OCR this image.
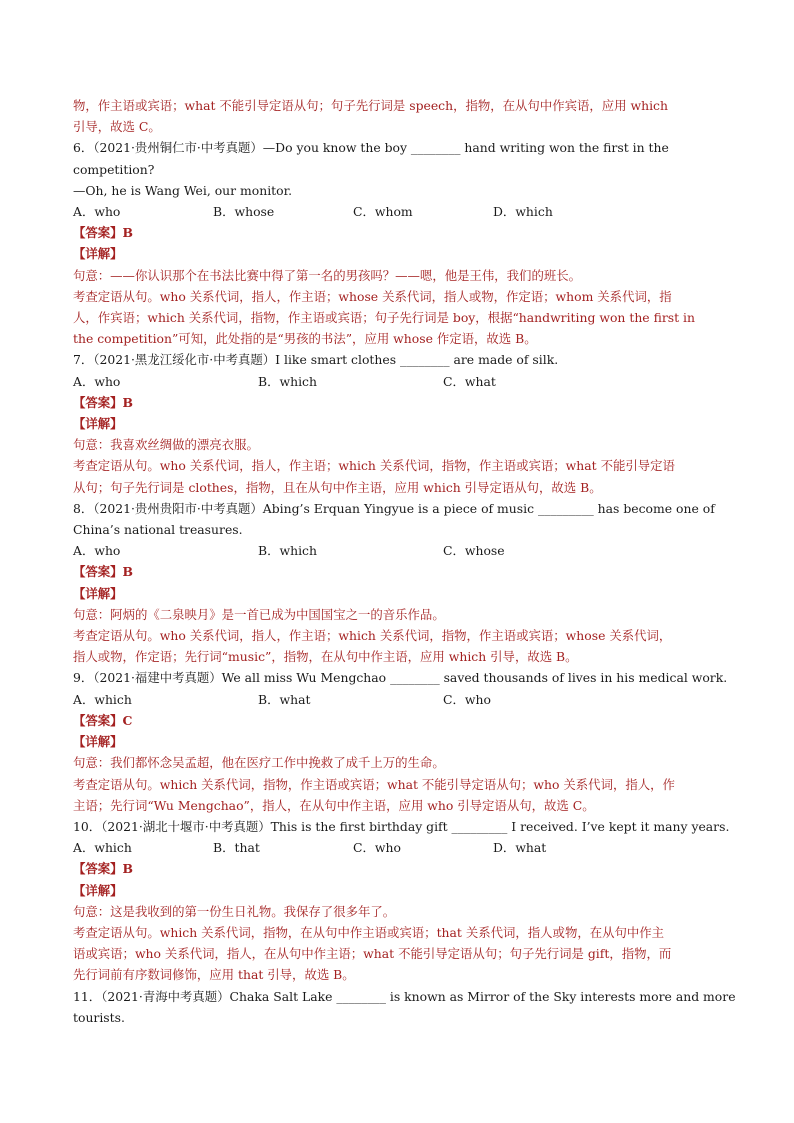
物，作主语或宾语；what 不能引导定语从句；句子先行词是 speech，指物，在从句中作宾语，应用 which
引导，故选 C。
6．（2021·贵州铜仁市·中考真题）—Do you know the boy ________ hand writing won the first in the
competition?
—Oh, he is Wang Wei, our monitor.
A．who	B．whose	C．whom	D．which
【答案】B
【详解】
句意：——你认识那个在书法比赛中得了第一名的男孩吗？——嗯，他是王伟，我们的班长。
考查定语从句。who 关系代词，指人，作主语；whose 关系代词，指人或物，作定语；whom 关系代词，指
人，作宾语；which 关系代词，指物，作主语或宾语；句子先行词是 boy，根据“handwriting won the first in
the competition”可知，此处指的是“男孩的书法”，应用 whose 作定语，故选 B。
7．（2021·黑龙江绥化市·中考真题）I like smart clothes ________ are made of silk.
A．who	B．which	C．what
【答案】B
【详解】
句意：我喜欢丝绸做的漂亮衣服。
考查定语从句。who 关系代词，指人，作主语；which 关系代词，指物，作主语或宾语；what 不能引导定语
从句；句子先行词是 clothes，指物，且在从句中作主语，应用 which 引导定语从句，故选 B。
8．（2021·贵州贵阳市·中考真题）Abing’s Erquan Yingyue is a piece of music _________ has become one of
China’s national treasures.
A．who	B．which	C．whose
【答案】B
【详解】
句意：阿炳的《二泉映月》是一首已成为中国国宝之一的音乐作品。
考查定语从句。who 关系代词，指人，作主语；which 关系代词，指物，作主语或宾语；whose 关系代词，
指人或物，作定语；先行词“music”，指物，在从句中作主语，应用 which 引导，故选 B。
9．（2021·福建中考真题）We all miss Wu Mengchao ________ saved thousands of lives in his medical work.
A．which	B．what	C．who
【答案】C
【详解】
句意：我们都怀念吴孟超，他在医疗工作中挽救了成千上万的生命。
考查定语从句。which 关系代词，指物，作主语或宾语；what 不能引导定语从句；who 关系代词，指人，作
主语；先行词“Wu Mengchao”，指人，在从句中作主语，应用 who 引导定语从句，故选 C。
10．（2021·湖北十堰市·中考真题）This is the first birthday gift _________ I received. I’ve kept it many years.
A．which	B．that	C．who	D．what
【答案】B
【详解】
句意：这是我收到的第一份生日礼物。我保存了很多年了。
考查定语从句。which 关系代词，指物，在从句中作主语或宾语；that 关系代词，指人或物，在从句中作主
语或宾语；who 关系代词，指人，在从句中作主语；what 不能引导定语从句；句子先行词是 gift，指物，而
先行词前有序数词修饰，应用 that 引导，故选 B。
11．（2021·青海中考真题）Chaka Salt Lake ________ is known as Mirror of the Sky interests more and more
tourists.
